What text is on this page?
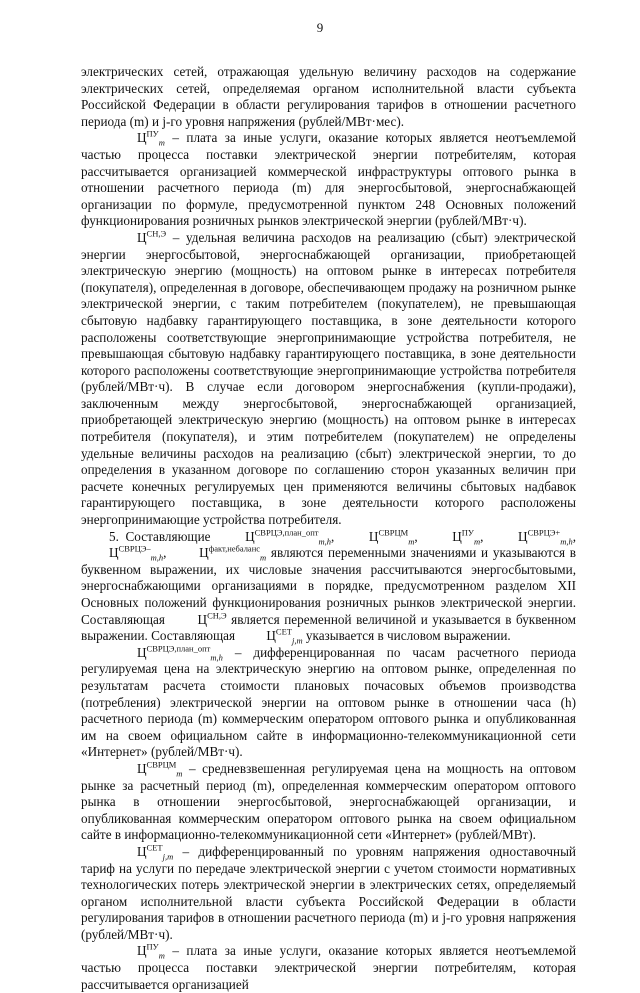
9

электрических сетей, отражающая удельную величину расходов на содержание электрических сетей, определяемая органом исполнительной власти субъекта Российской Федерации в области регулирования тарифов в отношении расчетного периода (m) и j-го уровня напряжения (рублей/МВт·мес).

$Ц^{ПУ}_m$ – плата за иные услуги, оказание которых является неотъемлемой частью процесса поставки электрической энергии потребителям, которая рассчитывается организацией коммерческой инфраструктуры оптового рынка в отношении расчетного периода (m) для энергосбытовой, энергоснабжающей организации по формуле, предусмотренной пунктом 248 Основных положений функционирования розничных рынков электрической энергии (рублей/МВт·ч).

$Ц^{СН,Э}$ – удельная величина расходов на реализацию (сбыт) электрической энергии энергосбытовой, энергоснабжающей организации, приобретающей электрическую энергию (мощность) на оптовом рынке в интересах потребителя (покупателя), определенная в договоре, обеспечивающем продажу на розничном рынке электрической энергии, с таким потребителем (покупателем), не превышающая сбытовую надбавку гарантирующего поставщика, в зоне деятельности которого расположены соответствующие энергопринимающие устройства потребителя, не превышающая сбытовую надбавку гарантирующего поставщика, в зоне деятельности которого расположены соответствующие энергопринимающие устройства потребителя (рублей/МВт·ч). В случае если договором энергоснабжения (купли-продажи), заключенным между энергосбытовой, энергоснабжающей организацией, приобретающей электрическую энергию (мощность) на оптовом рынке в интересах потребителя (покупателя), и этим потребителем (покупателем) не определены удельные величины расходов на реализацию (сбыт) электрической энергии, то до определения в указанном договоре по соглашению сторон указанных величин при расчете конечных регулируемых цен применяются величины сбытовых надбавок гарантирующего поставщика, в зоне деятельности которого расположены энергопринимающие устройства потребителя.

5. Составляющие $Ц^{СВРЦЭ,план\_опт}_{m,h}$, $Ц^{СВРЦМ}_m$, $Ц^{ПУ}_m$, $Ц^{СВРЦЭ+}_{m,h}$, $Ц^{СВРЦЭ-}_{m,h}$, $Ц^{факт,небаланс}_m$ являются переменными значениями и указываются в буквенном выражении, их числовые значения рассчитываются энергосбытовыми, энергоснабжающими организациями в порядке, предусмотренном разделом XII Основных положений функционирования розничных рынков электрической энергии. Составляющая $Ц^{СН,Э}$ является переменной величиной и указывается в буквенном выражении. Составляющая $Ц^{СЕТ}_{j,m}$ указывается в числовом выражении.

$Ц^{СВРЦЭ,план\_опт}_{m,h}$ – дифференцированная по часам расчетного периода регулируемая цена на электрическую энергию на оптовом рынке, определенная по результатам расчета стоимости плановых почасовых объемов производства (потребления) электрической энергии на оптовом рынке в отношении часа (h) расчетного периода (m) коммерческим оператором оптового рынка и опубликованная им на своем официальном сайте в информационно-телекоммуникационной сети «Интернет» (рублей/МВт·ч).

$Ц^{СВРЦМ}_m$ – средневзвешенная регулируемая цена на мощность на оптовом рынке за расчетный период (m), определенная коммерческим оператором оптового рынка в отношении энергосбытовой, энергоснабжающей организации, и опубликованная коммерческим оператором оптового рынка на своем официальном сайте в информационно-телекоммуникационной сети «Интернет» (рублей/МВт).

$Ц^{СЕТ}_{j,m}$ – дифференцированный по уровням напряжения одноставочный тариф на услуги по передаче электрической энергии с учетом стоимости нормативных технологических потерь электрической энергии в электрических сетях, определяемый органом исполнительной власти субъекта Российской Федерации в области регулирования тарифов в отношении расчетного периода (m) и j-го уровня напряжения (рублей/МВт·ч).

$Ц^{ПУ}_m$ – плата за иные услуги, оказание которых является неотъемлемой частью процесса поставки электрической энергии потребителям, которая рассчитывается организацией
